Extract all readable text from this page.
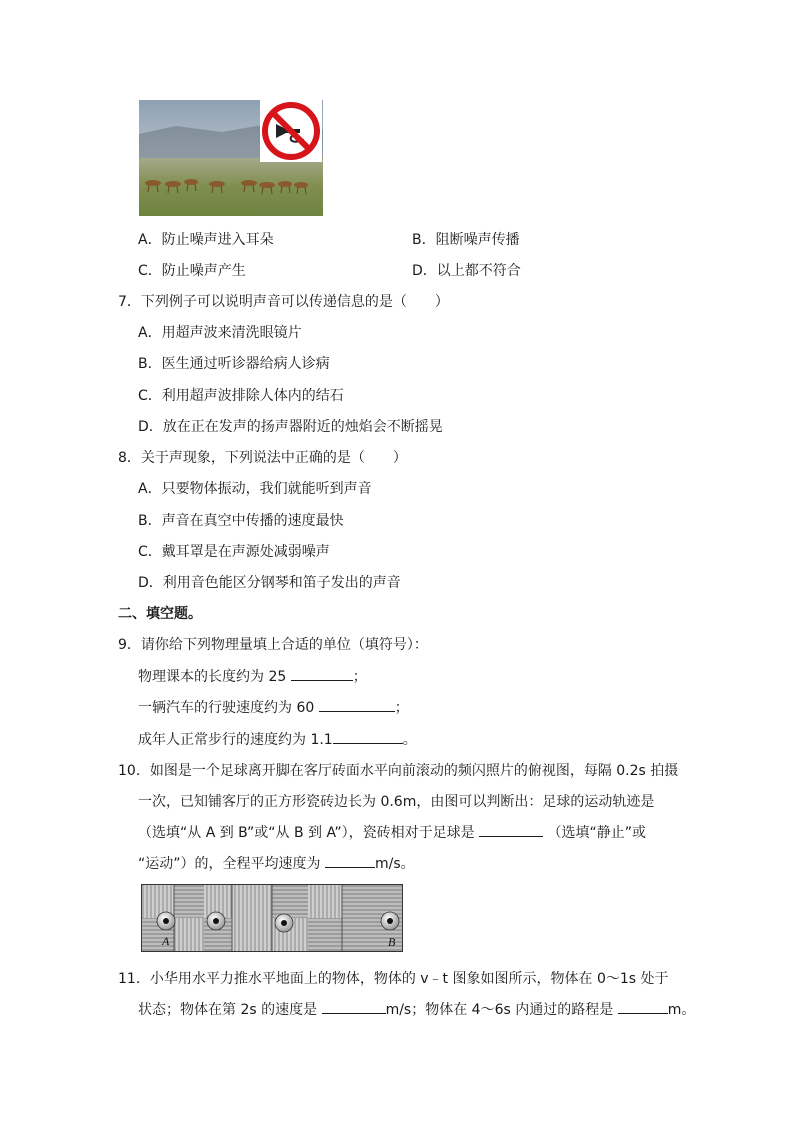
A．防止噪声进入耳朵	B．阻断噪声传播
C．防止噪声产生	D．以上都不符合
7．下列例子可以说明声音可以传递信息的是（　　）
A．用超声波来清洗眼镜片
B．医生通过听诊器给病人诊病
C．利用超声波排除人体内的结石
D．放在正在发声的扬声器附近的烛焰会不断摇晃
8．关于声现象，下列说法中正确的是（　　）
A．只要物体振动，我们就能听到声音
B．声音在真空中传播的速度最快
C．戴耳罩是在声源处减弱噪声
D．利用音色能区分钢琴和笛子发出的声音
二、填空题。
9．请你给下列物理量填上合适的单位（填符号）：
物理课本的长度约为 25	；
一辆汽车的行驶速度约为 60	；
成年人正常步行的速度约为 1.1	。
10．如图是一个足球离开脚在客厅砖面水平向前滚动的频闪照片的俯视图，每隔 0.2s 拍摄
一次，已知铺客厅的正方形瓷砖边长为 0.6m，由图可以判断出：足球的运动轨迹是
（选填“从 A 到 B”或“从 B 到 A”），瓷砖相对于足球是	（选填“静止”或
“运动”）的，全程平均速度为	m/s。
A	B
11．小华用水平力推水平地面上的物体，物体的 v﹣t 图象如图所示，物体在 0～1s 处于
状态；物体在第 2s 的速度是	m/s；物体在 4～6s 内通过的路程是	m。
